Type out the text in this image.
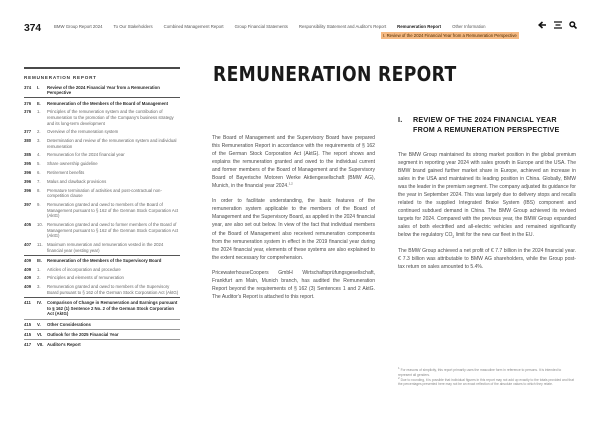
374	BMW Group Report 2024	To Our Stakeholders	Combined Management Report	Group Financial Statements	Responsibility Statement and Auditor's Report	Remuneration Report	Other Information
I. Review of the 2024 Financial Year from a Remuneration Perspective
REMUNERATION REPORT
374	I.	Review of the 2024 Financial Year from a Remuneration Perspective
376	II.	Remuneration of the Members of the Board of Management
376	1.	Principles of the remuneration system and the contribution of remuneration to the promotion of the Company's business strategy and its long-term development
377	2.	Overview of the remuneration system
380	3.	Determination and review of the remuneration system and individual remuneration
385	4.	Remuneration for the 2024 financial year
395	5.	Share ownership guideline
396	6.	Retirement benefits
396	7.	Malus and clawback provisions
396	8.	Premature termination of activities and post-contractual non-competition clause
397	9.	Remuneration granted and owed to members of the Board of Management pursuant to § 162 of the German Stock Corporation Act (AktG)
405	10. Remuneration granted and owed to former members of the Board of Management pursuant to § 162 of the German Stock Corporation Act (AktG)
407	11.	Maximum remuneration and remuneration vested in the 2024 financial year (vesting year)
409	III.	Remuneration of the Members of the Supervisory Board
409	1.	Articles of incorporation and procedure
409	2.	Principles and elements of remuneration
409	3.	Remuneration granted and owed to members of the Supervisory Board pursuant to § 162 of the German Stock Corporation Act (AktG)
411	IV.	Comparison of Change in Remuneration and Earnings pursuant to § 162 (1) Sentence 2 No. 2 of the German Stock Corporation Act (AktG)
415	V.	Other Considerations
415	VI.	Outlook for the 2025 Financial Year
417	VII. Auditor's Report
REMUNERATION REPORT

The Board of Management and the Supervisory Board have prepared this Remuneration Report in accordance with the requirements of § 162 of the German Stock Corporation Act (AktG). The report shows and explains the remuneration granted and owed to the individual current and former members of the Board of Management and the Supervisory Board of Bayerische Motoren Werke Aktiengesellschaft (BMW AG), Munich, in the financial year 2024.$^{1,2}$

In order to facilitate understanding, the basic features of the remuneration system applicable to the members of the Board of Management and the Supervisory Board, as applied in the 2024 financial year, are also set out below. In view of the fact that individual members of the Board of Management also received remuneration components from the remuneration system in effect in the 2019 financial year during the 2024 financial year, elements of these systems are also explained to the extent necessary for comprehension.

PricewaterhouseCoopers GmbH Wirtschaftsprüfungsgesellschaft, Frankfurt am Main, Munich branch, has audited the Remuneration Report beyond the requirements of § 162 (3) Sentences 1 and 2 AktG. The Auditor's Report is attached to this report.

I.	REVIEW OF THE 2024 FINANCIAL YEAR FROM A REMUNERATION PERSPECTIVE

The BMW Group maintained its strong market position in the global premium segment in reporting year 2024 with sales growth in Europe and the USA. The BMW brand gained further market share in Europe, achieved an increase in sales in the USA and maintained its leading position in China. Globally, BMW was the leader in the premium segment. The company adjusted its guidance for the year in September 2024. This was largely due to delivery stops and recalls related to the supplied Integrated Brake System (IBS) component and continued subdued demand in China. The BMW Group achieved its revised targets for 2024. Compared with the previous year, the BMW Group expanded sales of both electrified and all-electric vehicles and remained significantly below the regulatory $CO_2$ limit for the new car fleet in the EU.

The BMW Group achieved a net profit of € 7.7 billion in the 2024 financial year. € 7.3 billion was attributable to BMW AG shareholders, while the Group post-tax return on sales amounted to 5.4%.

$^1$ For reasons of simplicity, this report primarily uses the masculine form in reference to persons. It is intended to represent all genders.
$^2$ Due to rounding, it is possible that individual figures in this report may not add up exactly to the totals provided and that the percentages presented here may not be an exact reflection of the absolute values to which they relate.
